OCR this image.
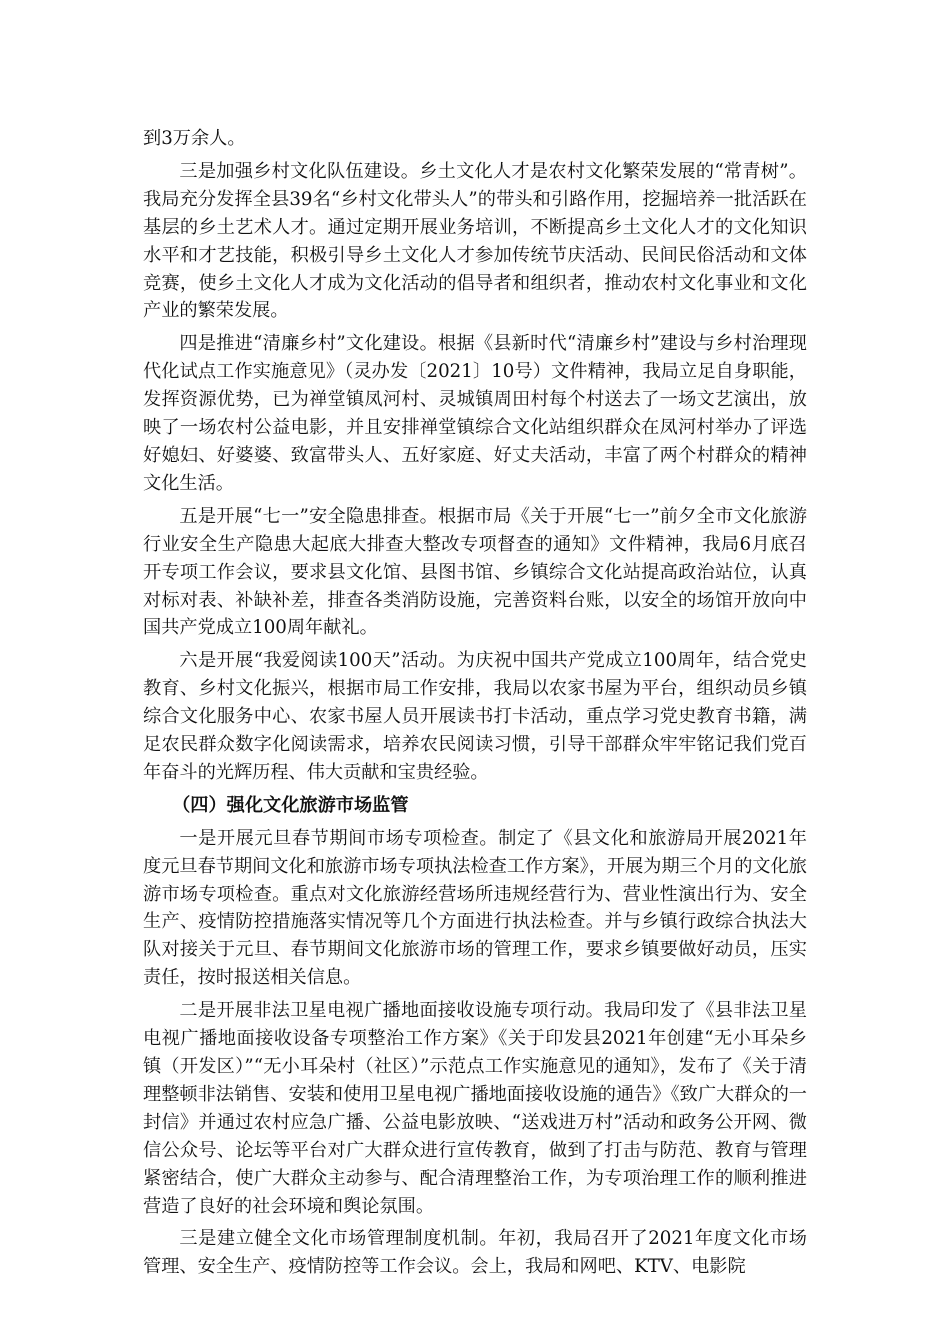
到3万余人。

三是加强乡村文化队伍建设。乡土文化人才是农村文化繁荣发展的“常青树”。我局充分发挥全县39名“乡村文化带头人”的带头和引路作用，挖掘培养一批活跃在基层的乡土艺术人才。通过定期开展业务培训，不断提高乡土文化人才的文化知识水平和才艺技能，积极引导乡土文化人才参加传统节庆活动、民间民俗活动和文体竞赛，使乡土文化人才成为文化活动的倡导者和组织者，推动农村文化事业和文化产业的繁荣发展。

四是推进“清廉乡村”文化建设。根据《县新时代“清廉乡村”建设与乡村治理现代化试点工作实施意见》（灵办发〔2021〕10号）文件精神，我局立足自身职能，发挥资源优势，已为禅堂镇凤河村、灵城镇周田村每个村送去了一场文艺演出，放映了一场农村公益电影，并且安排禅堂镇综合文化站组织群众在凤河村举办了评选好媳妇、好婆婆、致富带头人、五好家庭、好丈夫活动，丰富了两个村群众的精神文化生活。

五是开展“七一”安全隐患排查。根据市局《关于开展“七一”前夕全市文化旅游行业安全生产隐患大起底大排查大整改专项督查的通知》文件精神，我局6月底召开专项工作会议，要求县文化馆、县图书馆、乡镇综合文化站提高政治站位，认真对标对表、补缺补差，排查各类消防设施，完善资料台账，以安全的场馆开放向中国共产党成立100周年献礼。

六是开展“我爱阅读100天”活动。为庆祝中国共产党成立100周年，结合党史教育、乡村文化振兴，根据市局工作安排，我局以农家书屋为平台，组织动员乡镇综合文化服务中心、农家书屋人员开展读书打卡活动，重点学习党史教育书籍，满足农民群众数字化阅读需求，培养农民阅读习惯，引导干部群众牢牢铭记我们党百年奋斗的光辉历程、伟大贡献和宝贵经验。

（四）强化文化旅游市场监管

一是开展元旦春节期间市场专项检查。制定了《县文化和旅游局开展2021年度元旦春节期间文化和旅游市场专项执法检查工作方案》，开展为期三个月的文化旅游市场专项检查。重点对文化旅游经营场所违规经营行为、营业性演出行为、安全生产、疫情防控措施落实情况等几个方面进行执法检查。并与乡镇行政综合执法大队对接关于元旦、春节期间文化旅游市场的管理工作，要求乡镇要做好动员，压实责任，按时报送相关信息。

二是开展非法卫星电视广播地面接收设施专项行动。我局印发了《县非法卫星电视广播地面接收设备专项整治工作方案》《关于印发县2021年创建“无小耳朵乡镇（开发区）”“无小耳朵村（社区）”示范点工作实施意见的通知》，发布了《关于清理整顿非法销售、安装和使用卫星电视广播地面接收设施的通告》《致广大群众的一封信》并通过农村应急广播、公益电影放映、“送戏进万村”活动和政务公开网、微信公众号、论坛等平台对广大群众进行宣传教育，做到了打击与防范、教育与管理紧密结合，使广大群众主动参与、配合清理整治工作，为专项治理工作的顺利推进营造了良好的社会环境和舆论氛围。

三是建立健全文化市场管理制度机制。年初，我局召开了2021年度文化市场管理、安全生产、疫情防控等工作会议。会上，我局和网吧、KTV、电影院
